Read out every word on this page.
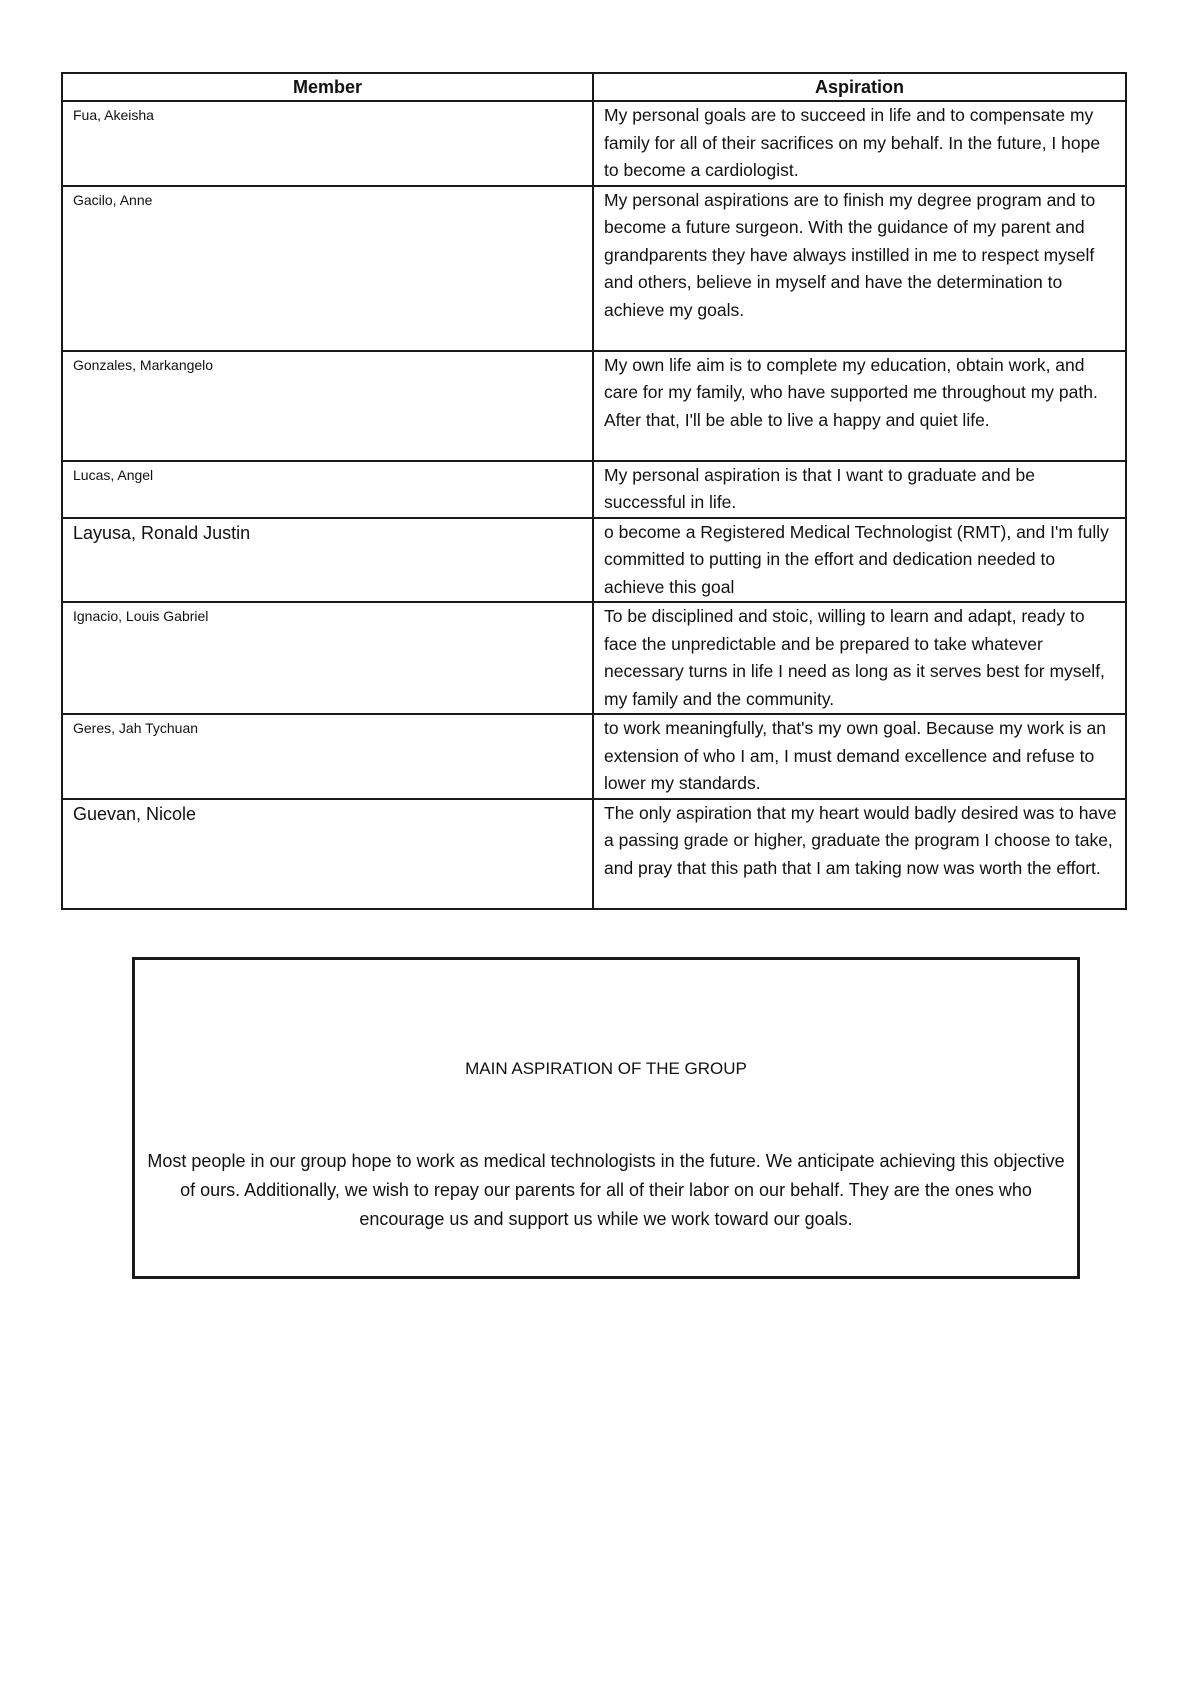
Member	Aspiration
Fua, Akeisha	My personal goals are to succeed in life and to compensate my family for all of their sacrifices on my behalf. In the future, I hope to become a cardiologist.
Gacilo, Anne	My personal aspirations are to finish my degree program and to become a future surgeon. With the guidance of my parent and grandparents they have always instilled in me to respect myself and others, believe in myself and have the determination to achieve my goals.
Gonzales, Markangelo	My own life aim is to complete my education, obtain work, and care for my family, who have supported me throughout my path. After that, I'll be able to live a happy and quiet life.
Lucas, Angel	My personal aspiration is that I want to graduate and be successful in life.
Layusa, Ronald Justin	o become a Registered Medical Technologist (RMT), and I'm fully committed to putting in the effort and dedication needed to achieve this goal
Ignacio, Louis Gabriel	To be disciplined and stoic, willing to learn and adapt, ready to face the unpredictable and be prepared to take whatever necessary turns in life I need as long as it serves best for myself, my family and the community.
Geres, Jah Tychuan	to work meaningfully, that's my own goal. Because my work is an extension of who I am, I must demand excellence and refuse to lower my standards.
Guevan, Nicole	The only aspiration that my heart would badly desired was to have a passing grade or higher, graduate the program I choose to take, and pray that this path that I am taking now was worth the effort.
MAIN ASPIRATION OF THE GROUP
Most people in our group hope to work as medical technologists in the future. We anticipate achieving this objective of ours. Additionally, we wish to repay our parents for all of their labor on our behalf. They are the ones who encourage us and support us while we work toward our goals.
